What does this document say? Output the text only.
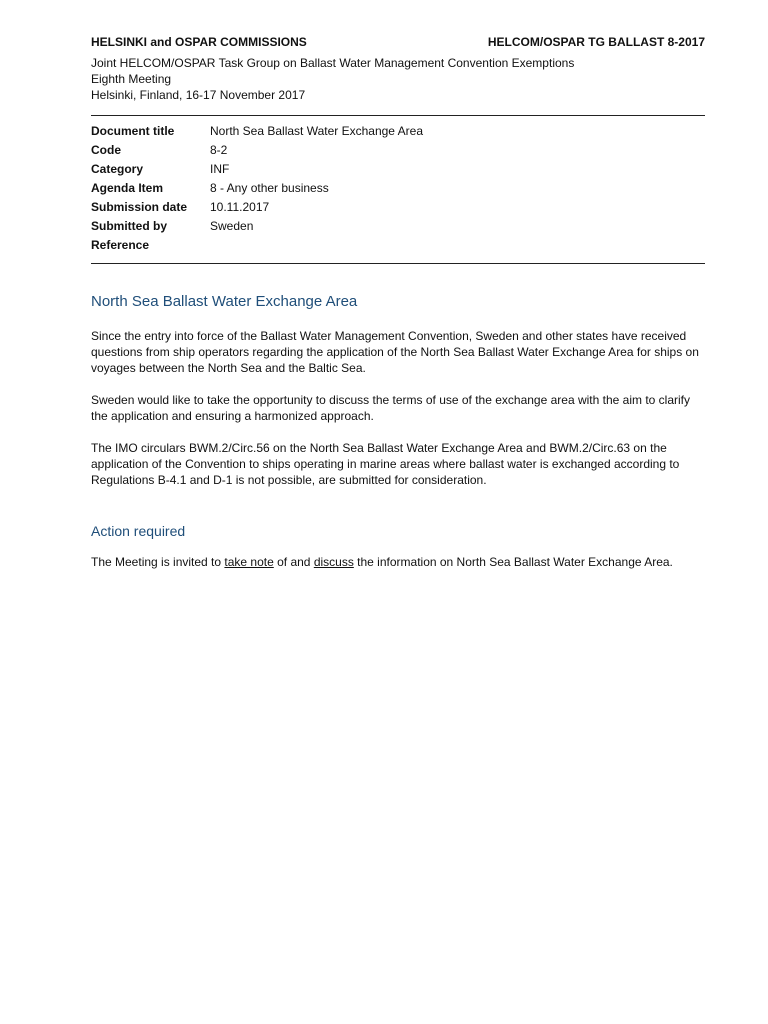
HELSINKI and OSPAR COMMISSIONS	HELCOM/OSPAR TG BALLAST 8-2017
Joint HELCOM/OSPAR Task Group on Ballast Water Management Convention Exemptions
Eighth Meeting
Helsinki, Finland, 16-17 November 2017
Document title	North Sea Ballast Water Exchange Area
Code	8-2
Category	INF
Agenda Item	8 - Any other business
Submission date	10.11.2017
Submitted by	Sweden
Reference
North Sea Ballast Water Exchange Area

Since the entry into force of the Ballast Water Management Convention, Sweden and other states have received questions from ship operators regarding the application of the North Sea Ballast Water Exchange Area for ships on voyages between the North Sea and the Baltic Sea.

Sweden would like to take the opportunity to discuss the terms of use of the exchange area with the aim to clarify the application and ensuring a harmonized approach.

The IMO circulars BWM.2/Circ.56 on the North Sea Ballast Water Exchange Area and BWM.2/Circ.63 on the application of the Convention to ships operating in marine areas where ballast water is exchanged according to Regulations B-4.1 and D-1 is not possible, are submitted for consideration.

Action required

The Meeting is invited to take note of and discuss the information on North Sea Ballast Water Exchange Area.
